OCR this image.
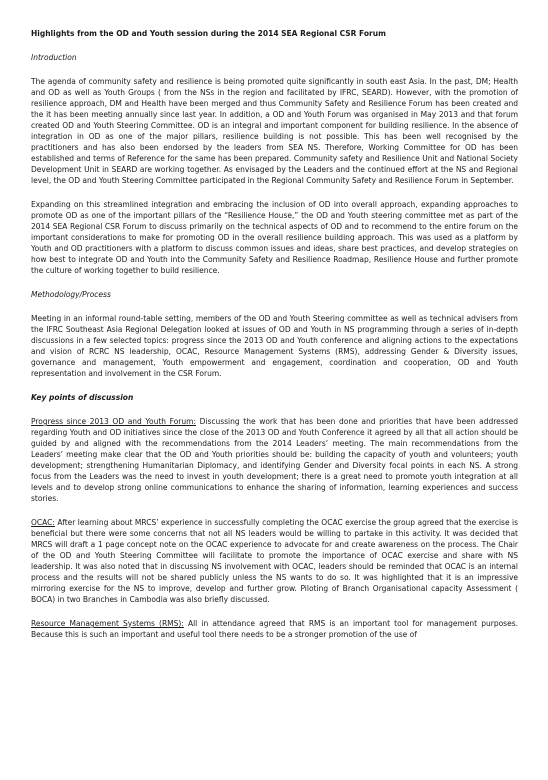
Highlights from the OD and Youth session during the 2014 SEA Regional CSR Forum
Introduction

The agenda of community safety and resilience is being promoted quite significantly in south east Asia. In the past, DM; Health and OD as well as Youth Groups ( from the NSs in the region and facilitated by IFRC, SEARD). However, with the promotion of resilience approach, DM and Health have been merged and thus Community Safety and Resilience Forum has been created and the it has been meeting annually since last year. In addition, a OD and Youth Forum was organised in May 2013 and that forum created OD and Youth Steering Committee. OD is an integral and important component for building resilience. In the absence of integration in OD as one of the major pillars, resilience building is not possible. This has been well recognised by the practitioners and has also been endorsed by the leaders from SEA NS. Therefore, Working Committee for OD has been established and terms of Reference for the same has been prepared. Community safety and Resilience Unit and National Society Development Unit in SEARD are working together. As envisaged by the Leaders and the continued effort at the NS and Regional level, the OD and Youth Steering Committee participated in the Regional Community Safety and Resilience Forum in September.

Expanding on this streamlined integration and embracing the inclusion of OD into overall approach, expanding approaches to promote OD as one of the important pillars of the “Resilience House,” the OD and Youth steering committee met as part of the 2014 SEA Regional CSR Forum to discuss primarily on the technical aspects of OD and to recommend to the entire forum on the important considerations to make for promoting OD in the overall resilience building approach. This was used as a platform by Youth and OD practitioners with a platform to discuss common issues and ideas, share best practices, and develop strategies on how best to integrate OD and Youth into the Community Safety and Resilience Roadmap, Resilience House and further promote the culture of working together to build resilience.

Methodology/Process

Meeting in an informal round-table setting, members of the OD and Youth Steering committee as well as technical advisers from the IFRC Southeast Asia Regional Delegation looked at issues of OD and Youth in NS programming through a series of in-depth discussions in a few selected topics: progress since the 2013 OD and Youth conference and aligning actions to the expectations and vision of RCRC NS leadership, OCAC, Resource Management Systems (RMS), addressing Gender & Diversity issues, governance and management, Youth empowerment and engagement, coordination and cooperation, OD and Youth representation and involvement in the CSR Forum.

Key points of discussion

Progress since 2013 OD and Youth Forum: Discussing the work that has been done and priorities that have been addressed regarding Youth and OD initiatives since the close of the 2013 OD and Youth Conference it agreed by all that all action should be guided by and aligned with the recommendations from the 2014 Leaders’ meeting. The main recommendations from the Leaders’ meeting make clear that the OD and Youth priorities should be: building the capacity of youth and volunteers; youth development; strengthening Humanitarian Diplomacy, and identifying Gender and Diversity focal points in each NS. A strong focus from the Leaders was the need to invest in youth development; there is a great need to promote youth integration at all levels and to develop strong online communications to enhance the sharing of information, learning experiences and success stories.

OCAC: After learning about MRCS’ experience in successfully completing the OCAC exercise the group agreed that the exercise is beneficial but there were some concerns that not all NS leaders would be willing to partake in this activity. It was decided that MRCS will draft a 1 page concept note on the OCAC experience to advocate for and create awareness on the process. The Chair of the OD and Youth Steering Committee will facilitate to promote the importance of OCAC exercise and share with NS leadership. It was also noted that in discussing NS involvement with OCAC, leaders should be reminded that OCAC is an internal process and the results will not be shared publicly unless the NS wants to do so. It was highlighted that it is an impressive mirroring exercise for the NS to improve, develop and further grow. Piloting of Branch Organisational capacity Assessment ( BOCA) in two Branches in Cambodia was also briefly discussed.

Resource Management Systems (RMS): All in attendance agreed that RMS is an important tool for management purposes. Because this is such an important and useful tool there needs to be a stronger promotion of the use of
